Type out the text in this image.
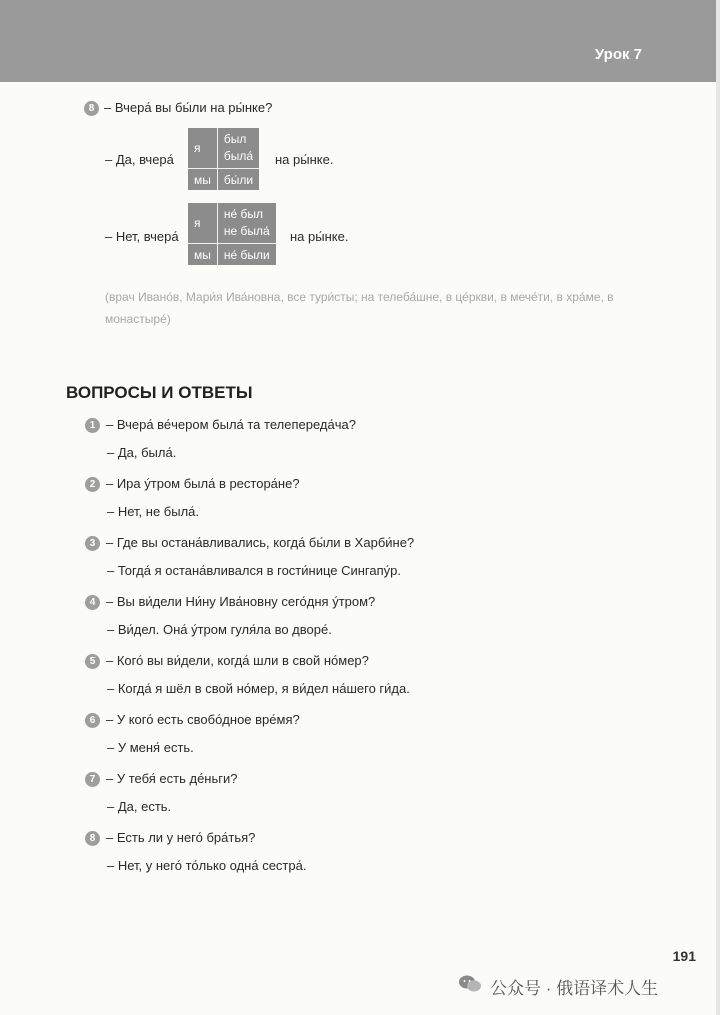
Урок 7
8 – Вчера́ вы бы́ли на ры́нке?
– Да, вчера́
я	был
была́

мы	бы́ли
на ры́нке.
– Нет, вчера́
я	не́ был
не была́

мы	не́ были
на ры́нке.
(врач Ивано́в, Мари́я Ива́новна, все тури́сты; на телеба́шне, в це́ркви, в мече́ти, в хра́ме, в монастыре́)
ВОПРОСЫ И ОТВЕТЫ
1 – Вчера́ ве́чером была́ та телепереда́ча?
– Да, была́.
2 – Ира у́тром была́ в рестора́не?
– Нет, не была́.
3 – Где вы остана́вливались, когда́ бы́ли в Харби́не?
– Тогда́ я остана́вливался в гости́нице Сингапу́р.
4 – Вы ви́дели Ни́ну Ива́новну сего́дня у́тром?
– Ви́дел. Она́ у́тром гуля́ла во дворе́.
5 – Кого́ вы ви́дели, когда́ шли в свой но́мер?
– Когда́ я шёл в свой но́мер, я ви́дел на́шего ги́да.
6 – У кого́ есть свобо́дное вре́мя?
– У меня́ есть.
7 – У тебя́ есть де́ньги?
– Да, есть.
8 – Есть ли у него́ бра́тья?
– Нет, у него́ то́лько одна́ сестра́.
191
公众号 · 俄语译术人生
